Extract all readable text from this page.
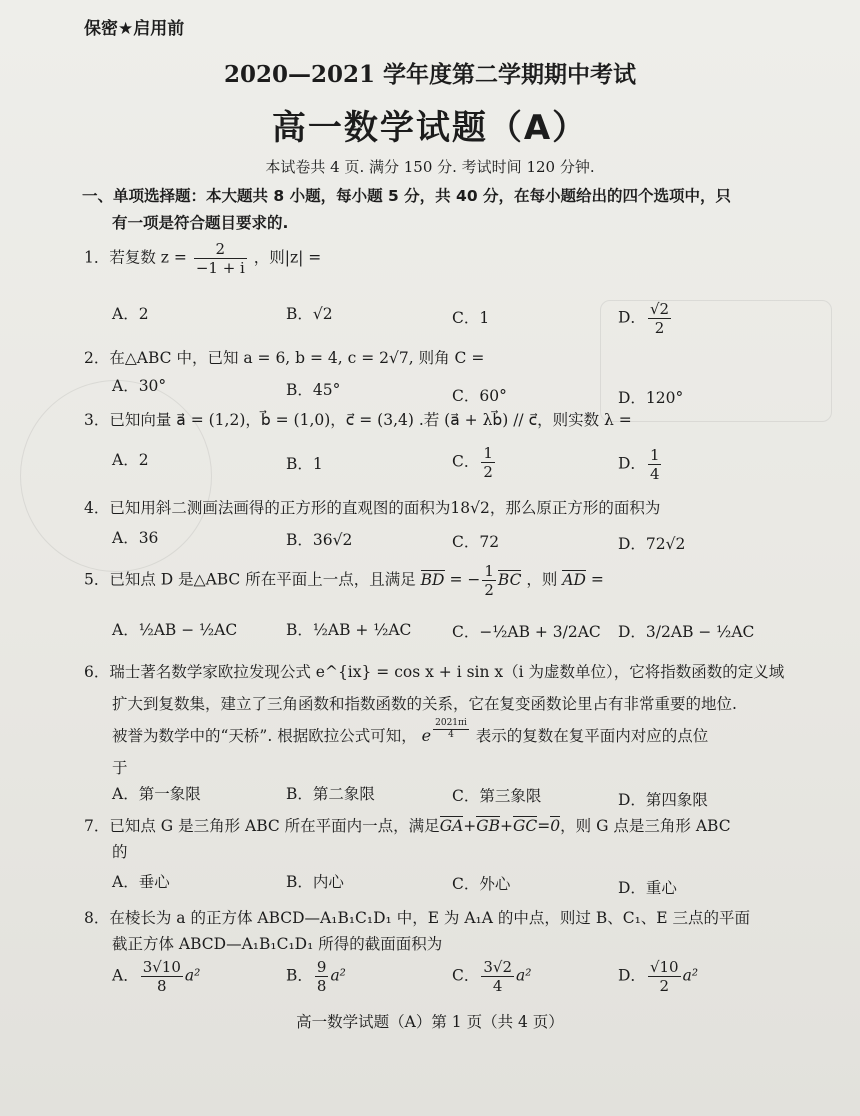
保密★启用前
2020—2021 学年度第二学期期中考试
高一数学试题（A）
本试卷共 4 页. 满分 150 分. 考试时间 120 分钟.
一、单项选择题：本大题共 8 小题，每小题 5 分，共 40 分，在每小题给出的四个选项中，只
有一项是符合题目要求的.
1．若复数 $z = \frac{2}{-1 + i}$ ，则|z| =
A．2	B．√2	C．1	D． $\frac{√2}{2}$
2．在△ABC 中，已知 a = 6, b = 4, c = 2√7, 则角 C =
A．30°	B．45°	C．60°	D．120°
3．已知向量 a⃗ = (1,2)，b⃗ = (1,0)，c⃗ = (3,4) .若 (a⃗ + λb⃗) // c⃗，则实数 λ =
A．2	B．1	C． $\frac{1}{2}$	D． $\frac{1}{4}$
4．已知用斜二测画法画得的正方形的直观图的面积为18√2，那么原正方形的面积为
A．36	B．36√2	C．72	D．72√2
5．已知点 D 是△ABC 所在平面上一点，且满足 BD = − $\frac{1}{2}$ BC ，则 AD =
A．½AB − ½AC	B．½AB + ½AC	C．−½AB + 3/2AC D．3/2AB − ½AC
6．瑞士著名数学家欧拉发现公式 e^{ix} = cos x + i sin x（i 为虚数单位），它将指数函数的定义域
扩大到复数集，建立了三角函数和指数函数的关系，它在复变函数论里占有非常重要的地位.
被誉为数学中的“天桥”. 根据欧拉公式可知， e $\frac{2021\pi i}{4}$ 表示的复数在复平面内对应的点位
于
A．第一象限	B．第二象限	C．第三象限	D．第四象限
7．已知点 G 是三角形 ABC 所在平面内一点，满足GA+GB+GC=0，则 G 点是三角形 ABC
的
A．垂心	B．内心	C．外心	D．重心
8．在棱长为 a 的正方体 ABCD—A₁B₁C₁D₁ 中，E 为 A₁A 的中点，则过 B、C₁、E 三点的平面
截正方体 ABCD—A₁B₁C₁D₁ 所得的截面面积为
A． $\frac{3√10}{8} a^2$	B． $\frac{9}{8} a^2$	C． $\frac{3√2}{4} a^2$	D． $\frac{√10}{2} a^2$
高一数学试题（A）第 1 页（共 4 页）
